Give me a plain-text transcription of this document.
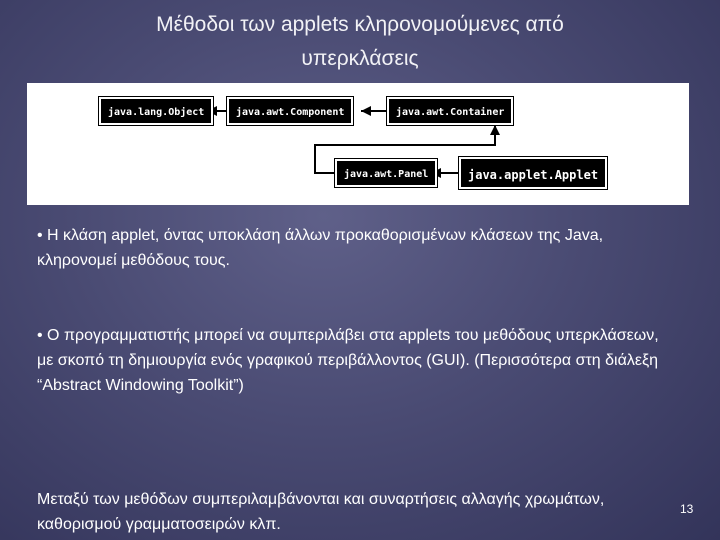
Μέθοδοι των applets κληρονομούμενες από
υπερκλάσεις
java.lang.Object	java.awt.Component	java.awt.Container
java.awt.Panel	java.applet.Applet

• Η κλάση applet, όντας υποκλάση άλλων προκαθορισμένων κλάσεων της Java, κληρονομεί μεθόδους τους.

• Ο προγραμματιστής μπορεί να συμπεριλάβει στα applets του μεθόδους υπερκλάσεων, με σκοπό τη δημιουργία ενός γραφικού περιβάλλοντος (GUI). (Περισσότερα στη διάλεξη “Abstract Windowing Toolkit”)

Μεταξύ των μεθόδων συμπεριλαμβάνονται και συναρτήσεις αλλαγής χρωμάτων, καθορισμού γραμματοσειρών κλπ.

13
